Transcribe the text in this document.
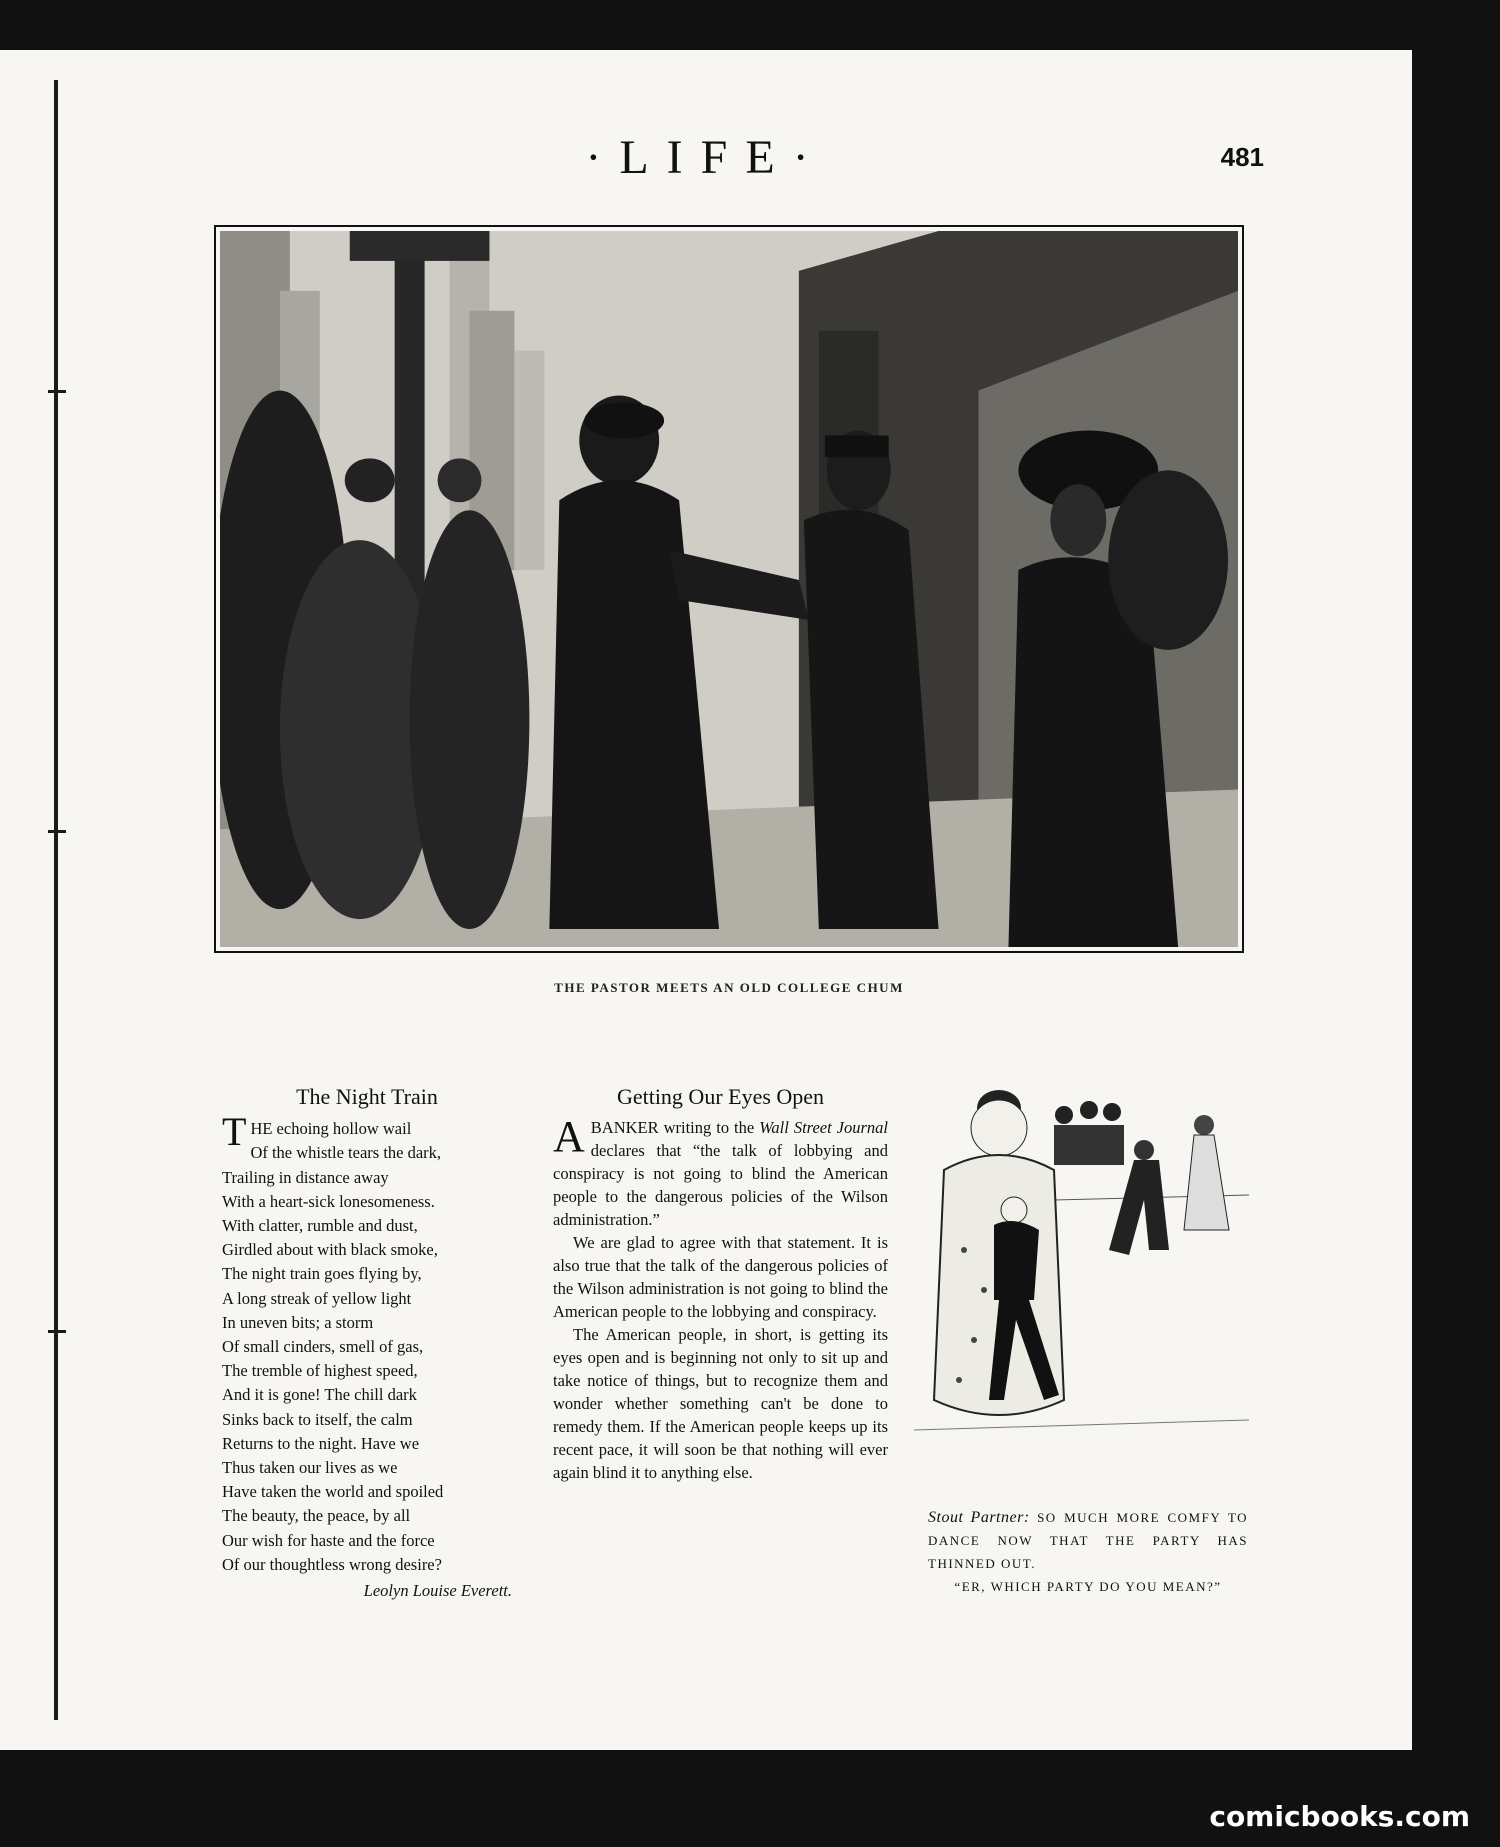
·LIFE·	481
THE PASTOR MEETS AN OLD COLLEGE CHUM
The Night Train
T HE echoing hollow wail
Of the whistle tears the dark,
Trailing in distance away
With a heart-sick lonesomeness.
With clatter, rumble and dust,
Girdled about with black smoke,
The night train goes flying by,
A long streak of yellow light
In uneven bits; a storm
Of small cinders, smell of gas,
The tremble of highest speed,
And it is gone! The chill dark
Sinks back to itself, the calm
Returns to the night. Have we
Thus taken our lives as we
Have taken the world and spoiled
The beauty, the peace, by all
Our wish for haste and the force
Of our thoughtless wrong desire?
Leolyn Louise Everett.
Getting Our Eyes Open

ABANKER writing to the Wall Street Journal declares that “the talk of lobbying and conspiracy is not going to blind the American people to the dangerous policies of the Wilson administration.”

We are glad to agree with that statement. It is also true that the talk of the dangerous policies of the Wilson administration is not going to blind the American people to the lobbying and conspiracy.

The American people, in short, is getting its eyes open and is beginning not only to sit up and take notice of things, but to recognize them and wonder whether something can't be done to remedy them. If the American people keeps up its recent pace, it will soon be that nothing will ever again blind it to anything else.

Stout Partner: SO MUCH MORE COMFY TO DANCE NOW THAT THE PARTY HAS THINNED OUT.
“ER, WHICH PARTY DO YOU MEAN?”
comicbooks.com
